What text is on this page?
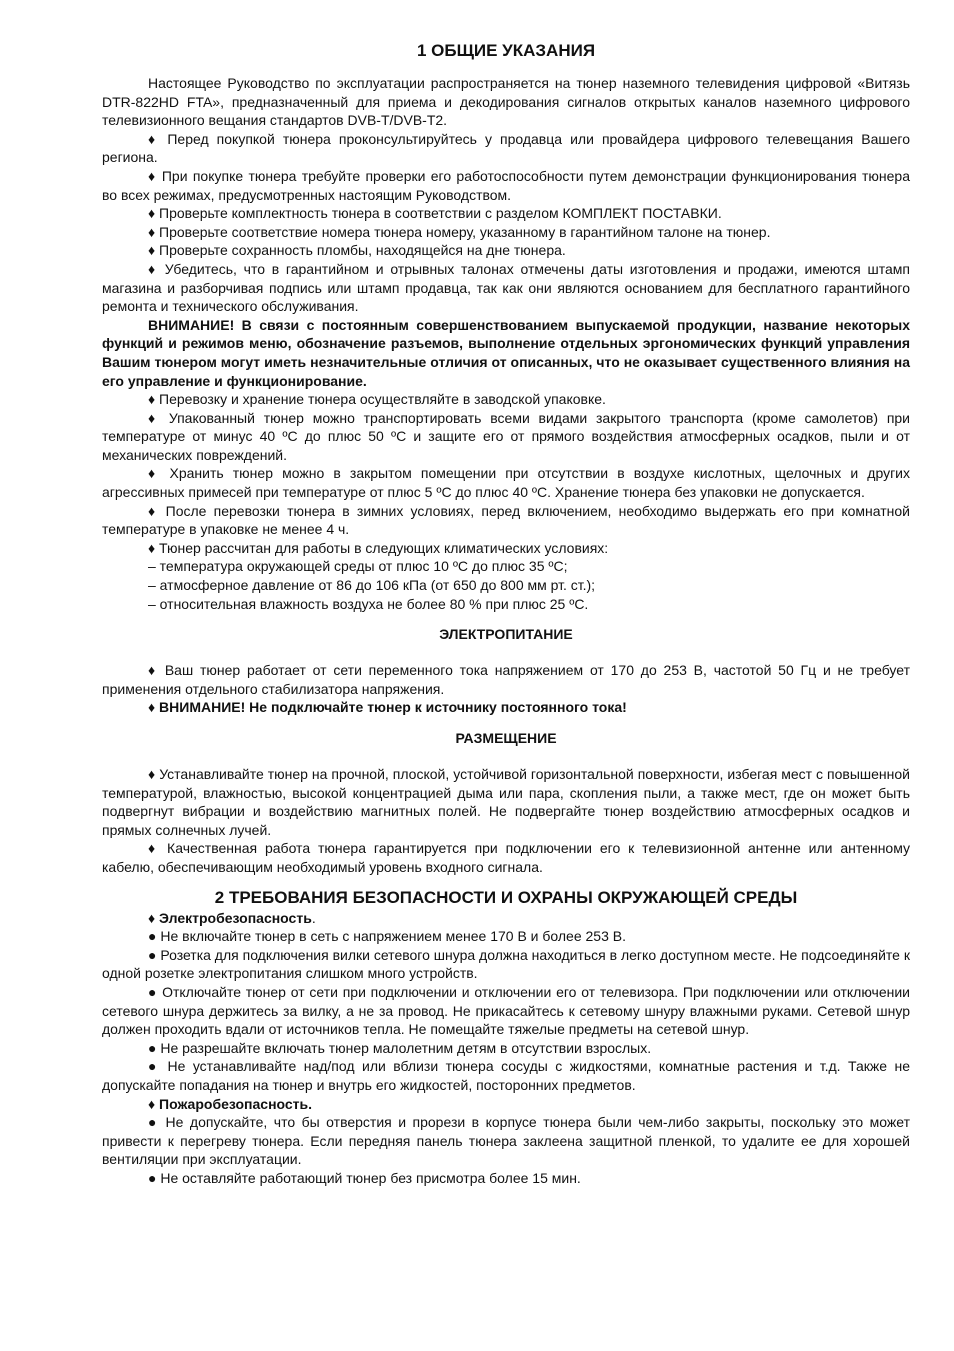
1 ОБЩИЕ УКАЗАНИЯ

Настоящее Руководство по эксплуатации распространяется на тюнер наземного телевидения цифровой «Витязь DTR-822HD FTA», предназначенный для приема и декодирования сигналов открытых каналов наземного цифрового телевизионного вещания стандартов DVB-T/DVB-T2.

♦ Перед покупкой тюнера проконсультируйтесь у продавца или провайдера цифрового телевещания Вашего региона.

♦ При покупке тюнера требуйте проверки его работоспособности путем демонстрации функционирования тюнера во всех режимах, предусмотренных настоящим Руководством.

♦ Проверьте комплектность тюнера в соответствии с разделом КОМПЛЕКТ ПОСТАВКИ.

♦ Проверьте соответствие номера тюнера номеру, указанному в гарантийном талоне на тюнер.

♦ Проверьте сохранность пломбы, находящейся на дне тюнера.

♦ Убедитесь, что в гарантийном и отрывных талонах отмечены даты изготовления и продажи, имеются штамп магазина и разборчивая подпись или штамп продавца, так как они являются основанием для бесплатного гарантийного ремонта и технического обслуживания.

ВНИМАНИЕ! В связи с постоянным совершенствованием выпускаемой продукции, название некоторых функций и режимов меню, обозначение разъемов, выполнение отдельных эргономических функций управления Вашим тюнером могут иметь незначительные отличия от описанных, что не оказывает существенного влияния на его управление и функционирование.

♦ Перевозку и хранение тюнера осуществляйте в заводской упаковке.

♦ Упакованный тюнер можно транспортировать всеми видами закрытого транспорта (кроме самолетов) при температуре от минус 40 ºС до плюс 50 ºС и защите его от прямого воздействия атмосферных осадков, пыли и от механических повреждений.

♦ Хранить тюнер можно в закрытом помещении при отсутствии в воздухе кислотных, щелочных и других агрессивных примесей при температуре от плюс 5 ºС до плюс 40 ºС. Хранение тюнера без упаковки не допускается.

♦ После перевозки тюнера в зимних условиях, перед включением, необходимо выдержать его при комнатной температуре в упаковке не менее 4 ч.

♦ Тюнер рассчитан для работы в следующих климатических условиях:

– температура окружающей среды от плюс 10 ºС до плюс 35 ºС;

– атмосферное давление от 86 до 106 кПа (от 650 до 800 мм рт. ст.);

– относительная влажность воздуха не более 80 % при плюс 25 ºС.

ЭЛЕКТРОПИТАНИЕ

♦ Ваш тюнер работает от сети переменного тока напряжением от 170 до 253 В, частотой 50 Гц и не требует применения отдельного стабилизатора напряжения.

♦ ВНИМАНИЕ! Не подключайте тюнер к источнику постоянного тока!

РАЗМЕЩЕНИЕ

♦ Устанавливайте тюнер на прочной, плоской, устойчивой горизонтальной поверхности, избегая мест с повышенной температурой, влажностью, высокой концентрацией дыма или пара, скопления пыли, а также мест, где он может быть подвергнут вибрации и воздействию магнитных полей. Не подвергайте тюнер воздействию атмосферных осадков и прямых солнечных лучей.

♦ Качественная работа тюнера гарантируется при подключении его к телевизионной антенне или антенному кабелю, обеспечивающим необходимый уровень входного сигнала.

2 ТРЕБОВАНИЯ БЕЗОПАСНОСТИ И ОХРАНЫ ОКРУЖАЮЩЕЙ СРЕДЫ

♦ Электробезопасность.

● Не включайте тюнер в сеть с напряжением менее 170 В и более 253 В.

● Розетка для подключения вилки сетевого шнура должна находиться в легко доступном месте. Не подсоединяйте к одной розетке электропитания слишком много устройств.

● Отключайте тюнер от сети при подключении и отключении его от телевизора. При подключении или отключении сетевого шнура держитесь за вилку, а не за провод. Не прикасайтесь к сетевому шнуру влажными руками. Сетевой шнур должен проходить вдали от источников тепла. Не помещайте тяжелые предметы на сетевой шнур.

● Не разрешайте включать тюнер малолетним детям в отсутствии взрослых.

● Не устанавливайте над/под или вблизи тюнера сосуды с жидкостями, комнатные растения и т.д. Также не допускайте попадания на тюнер и внутрь его жидкостей, посторонних предметов.

♦ Пожаробезопасность.

● Не допускайте, что бы отверстия и прорези в корпусе тюнера были чем-либо закрыты, поскольку это может привести к перегреву тюнера. Если передняя панель тюнера заклеена защитной пленкой, то удалите ее для хорошей вентиляции при эксплуатации.

● Не оставляйте работающий тюнер без присмотра более 15 мин.
